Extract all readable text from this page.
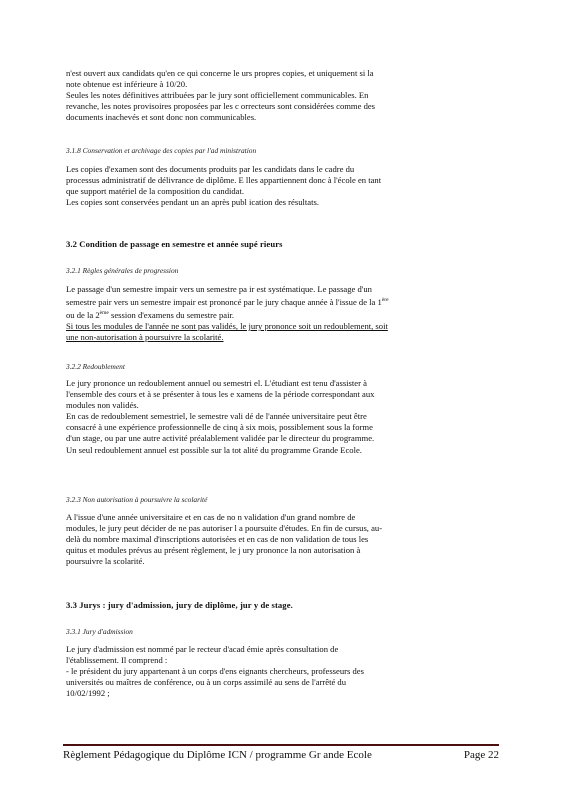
n'est ouvert aux candidats qu'en ce qui concerne le urs propres copies, et uniquement si la

note obtenue est inférieure à 10/20.

Seules les notes définitives attribuées par le jury sont officiellement communicables. En

revanche, les notes provisoires proposées par les c orrecteurs sont considérées comme des

documents inachevés et sont donc non communicables.

3.1.8 Conservation et archivage des copies par l'ad ministration

Les copies d'examen sont des documents produits par les candidats dans le cadre du

processus administratif de délivrance de diplôme. E lles appartiennent donc à l'école en tant

que support matériel de la composition du candidat.

Les copies sont conservées pendant un an après publ ication des résultats.

3.2 Condition de passage en semestre et année supé rieurs

3.2.1 Règles générales de progression

Le passage d'un semestre impair vers un semestre pa ir est systématique. Le passage d'un

semestre pair vers un semestre impair est prononcé par le jury chaque année à l'issue de la 1ère

ou de la 2ème session d'examens du semestre pair.

Si tous les modules de l'année ne sont pas validés, le jury prononce soit un redoublement, soit

une non-autorisation à poursuivre la scolarité.

3.2.2 Redoublement

Le jury prononce un redoublement annuel ou semestri el. L'étudiant est tenu d'assister à

l'ensemble des cours et à se présenter à tous les e xamens de la période correspondant aux

modules non validés.

En cas de redoublement semestriel, le semestre vali dé de l'année universitaire peut être

consacré à une expérience professionnelle de cinq à six mois, possiblement sous la forme

d'un stage, ou par une autre activité préalablement validée par le directeur du programme.

Un seul redoublement annuel est possible sur la tot alité du programme Grande Ecole.

3.2.3 Non autorisation à poursuivre la scolarité

A l'issue d'une année universitaire et en cas de no n validation d'un grand nombre de

modules, le jury peut décider de ne pas autoriser l a poursuite d'études. En fin de cursus, au-

delà du nombre maximal d'inscriptions autorisées et en cas de non validation de tous les

quitus et modules prévus au présent règlement, le j ury prononce la non autorisation à

poursuivre la scolarité.

3.3 Jurys : jury d'admission, jury de diplôme, jur y de stage.

3.3.1 Jury d'admission

Le jury d'admission est nommé par le recteur d'acad émie après consultation de

l'établissement. Il comprend :

- le président du jury appartenant à un corps d'ens eignants chercheurs, professeurs des

universités ou maîtres de conférence, ou à un corps assimilé au sens de l'arrêté du

10/02/1992 ;

Règlement Pédagogique du Diplôme ICN / programme Gr ande Ecole	Page 22
